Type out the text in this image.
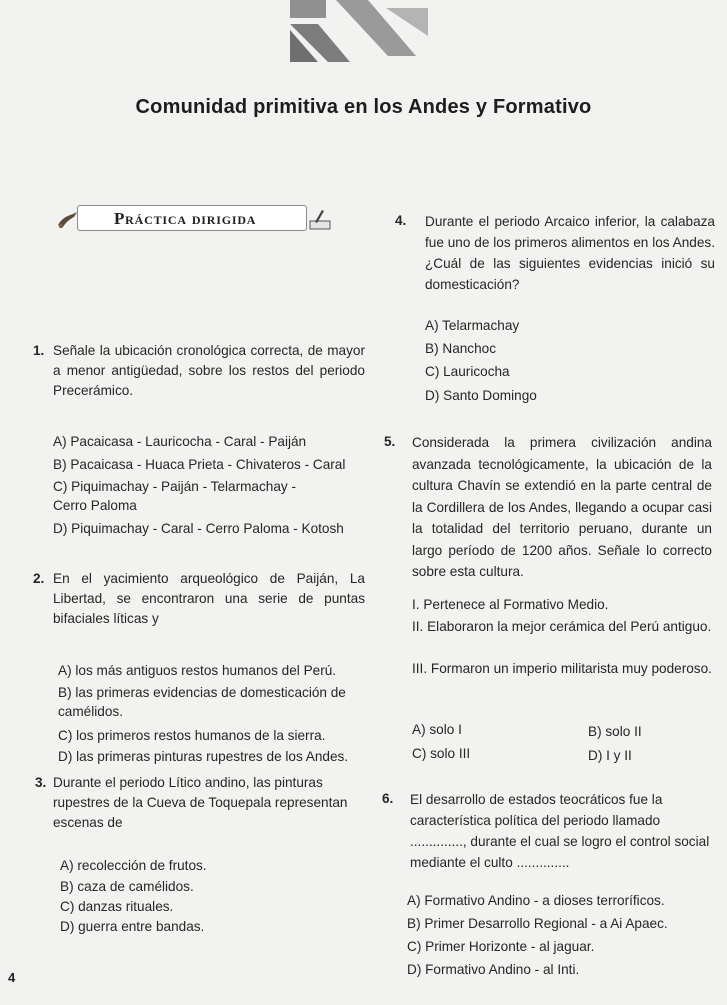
Comunidad primitiva en los Andes y Formativo
Práctica dirigida
1. Señale la ubicación cronológica correcta, de mayor a menor antigüedad, sobre los restos del periodo Precerámico.
A) Pacaicasa - Lauricocha - Caral - Paiján
B) Pacaicasa - Huaca Prieta - Chivateros - Caral
C) Piquimachay - Paiján - Telarmachay - Cerro Paloma
D) Piquimachay - Caral - Cerro Paloma - Kotosh
2. En el yacimiento arqueológico de Paiján, La Libertad, se encontraron una serie de puntas bifaciales líticas y
A) los más antiguos restos humanos del Perú.
B) las primeras evidencias de domesticación de camélidos.
C) los primeros restos humanos de la sierra.
D) las primeras pinturas rupestres de los Andes.
3. Durante el periodo Lítico andino, las pinturas rupestres de la Cueva de Toquepala representan escenas de
A) recolección de frutos.
B) caza de camélidos.
C) danzas rituales.
D) guerra entre bandas.
4. Durante el periodo Arcaico inferior, la calabaza fue uno de los primeros alimentos en los Andes. ¿Cuál de las siguientes evidencias inició su domesticación?
A) Telarmachay
B) Nanchoc
C) Lauricocha
D) Santo Domingo
5. Considerada la primera civilización andina avanzada tecnológicamente, la ubicación de la cultura Chavín se extendió en la parte central de la Cordillera de los Andes, llegando a ocupar casi la totalidad del territorio peruano, durante un largo período de 1200 años. Señale lo correcto sobre esta cultura.
I. Pertenece al Formativo Medio.
II. Elaboraron la mejor cerámica del Perú antiguo.
III. Formaron un imperio militarista muy poderoso.
A) solo I	B) solo II
C) solo III	D) I y II
6. El desarrollo de estados teocráticos fue la característica política del periodo llamado .............., durante el cual se logro el control social mediante el culto ..............
A) Formativo Andino - a dioses terroríficos.
B) Primer Desarrollo Regional - a Ai Apaec.
C) Primer Horizonte - al jaguar.
D) Formativo Andino - al Inti.
4
